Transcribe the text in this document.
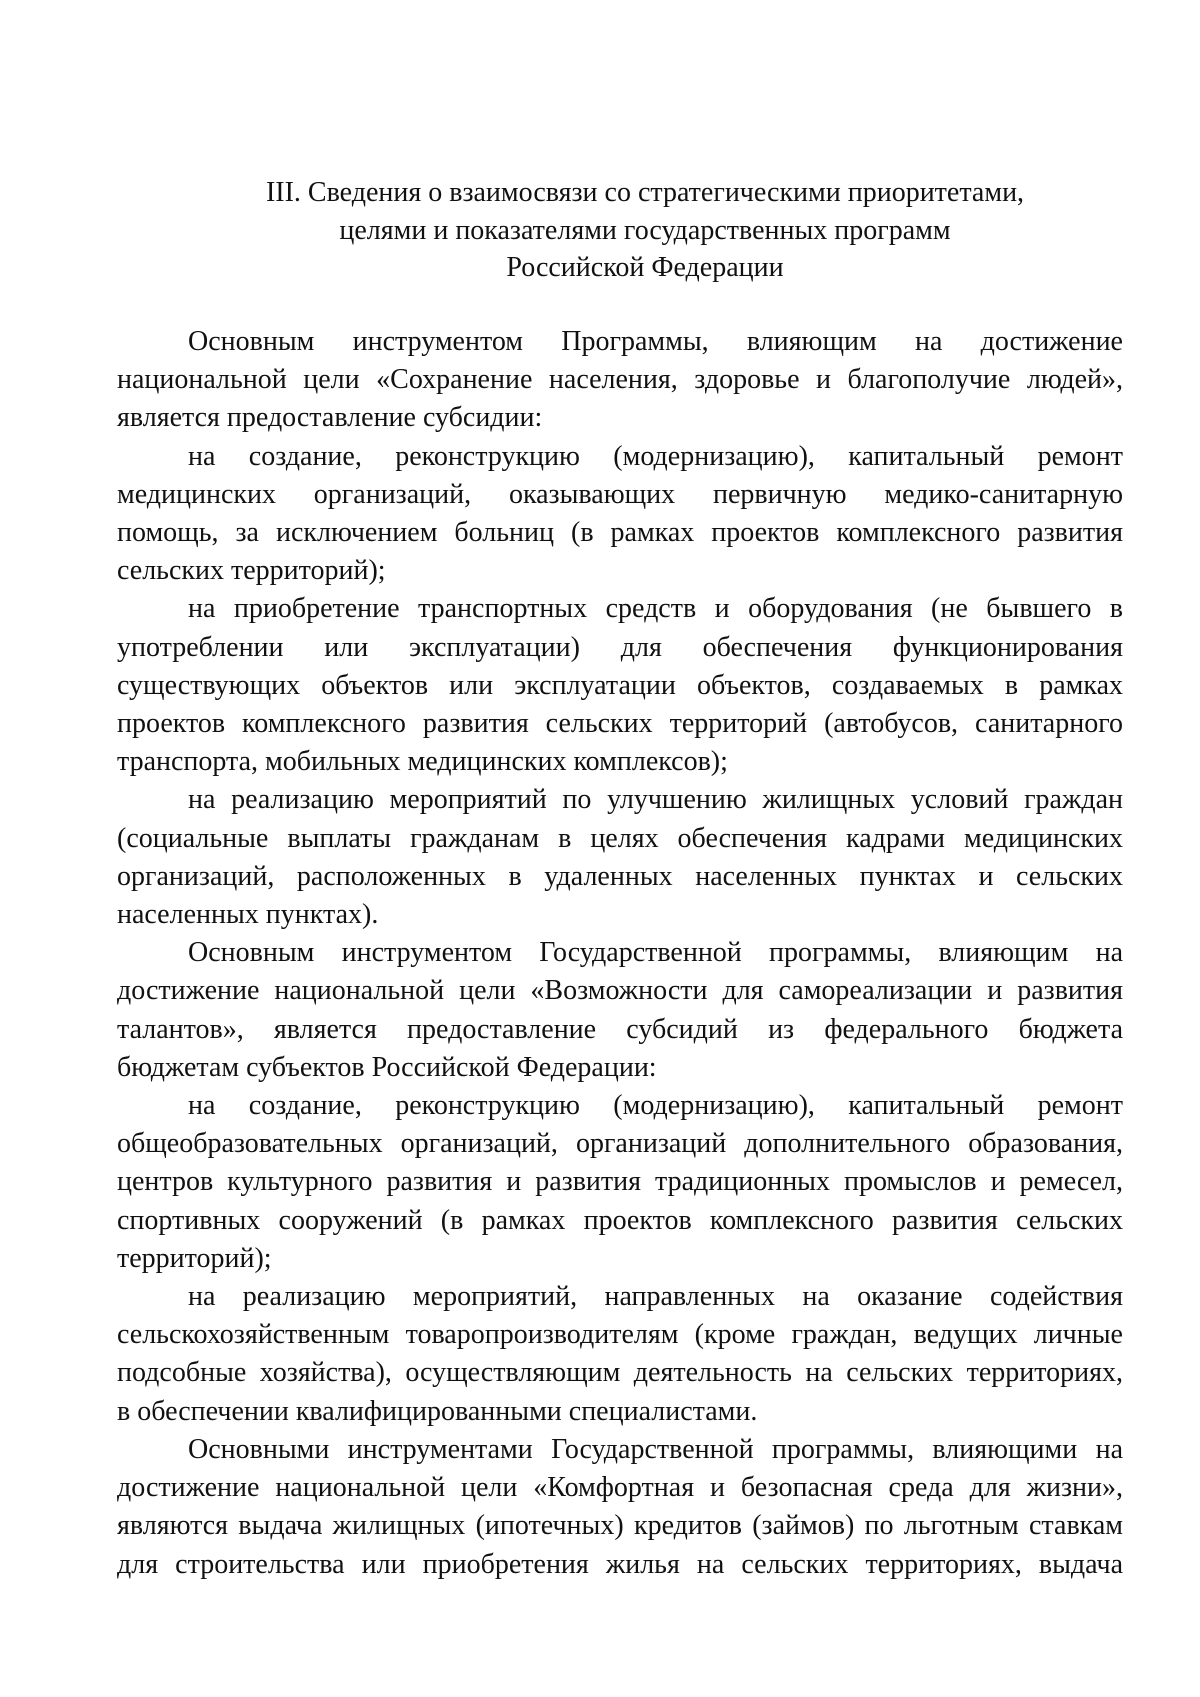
III. Сведения о взаимосвязи со стратегическими приоритетами,
целями и показателями государственных программ
Российской Федерации

Основным инструментом Программы, влияющим на достижение
национальной цели «Сохранение населения, здоровье и благополучие людей»,
является предоставление субсидии:

на создание, реконструкцию (модернизацию), капитальный ремонт
медицинских организаций, оказывающих первичную медико-санитарную
помощь, за исключением больниц (в рамках проектов комплексного развития
сельских территорий);

на приобретение транспортных средств и оборудования (не бывшего в
употреблении или эксплуатации) для обеспечения функционирования
существующих объектов или эксплуатации объектов, создаваемых в рамках
проектов комплексного развития сельских территорий (автобусов, санитарного
транспорта, мобильных медицинских комплексов);

на реализацию мероприятий по улучшению жилищных условий граждан
(социальные выплаты гражданам в целях обеспечения кадрами медицинских
организаций, расположенных в удаленных населенных пунктах и сельских
населенных пунктах).

Основным инструментом Государственной программы, влияющим на
достижение национальной цели «Возможности для самореализации и развития
талантов», является предоставление субсидий из федерального бюджета
бюджетам субъектов Российской Федерации:

на создание, реконструкцию (модернизацию), капитальный ремонт
общеобразовательных организаций, организаций дополнительного образования,
центров культурного развития и развития традиционных промыслов и ремесел,
спортивных сооружений (в рамках проектов комплексного развития сельских
территорий);

на реализацию мероприятий, направленных на оказание содействия
сельскохозяйственным товаропроизводителям (кроме граждан, ведущих личные
подсобные хозяйства), осуществляющим деятельность на сельских территориях,
в обеспечении квалифицированными специалистами.

Основными инструментами Государственной программы, влияющими на
достижение национальной цели «Комфортная и безопасная среда для жизни»,
являются выдача жилищных (ипотечных) кредитов (займов) по льготным ставкам
для строительства или приобретения жилья на сельских территориях, выдача
